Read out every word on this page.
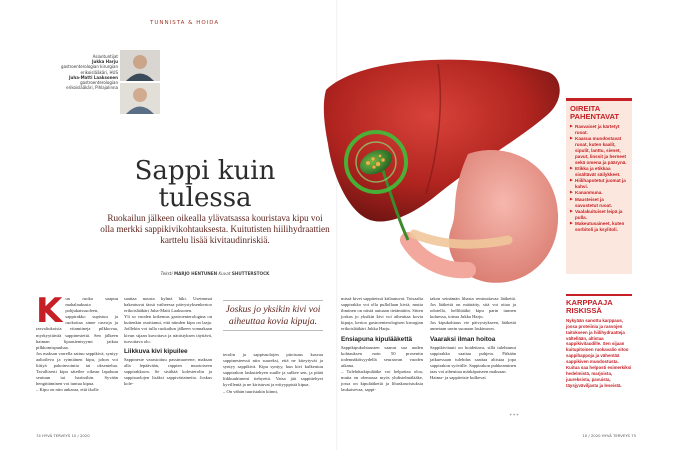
TUNNISTA & HOIDA
Asiantuntijat
Jukka Harju
gastroenterologian kirurgian erikoislääkäri, HUS
Juha-Matti Laaksonen
gastroenterologian erikoislääkäri, Pihlajalinna
Sappi kuin tulessa
Ruokailun jälkeen oikealla ylävatsassa kouristava kipu voi olla merkki sappikivikohtauksesta. Kuitutisten hiilihydraattien karttelu lisää kivitaudinriskiä.
Teksti MARJO HENTUNEN Kuvat SHUTTERSTOCK
K un ruoka saapuu mahalaukusta pohjukaissuoleen, sappirakko supistuu ja ruokottaa sinne rasvoja ja rasvaliukoisia vitamiineja pilkkovaa, myrkyyttävää sappinestettä. Sen jälkeen haiman lipaasientsyymi jatkaa pilkkomispuuhaa.

Jos maksan varrella sattuu sappikivä, syntyy aaltoileva ja rytmiänen kipu, johon voi liittyä pahoinvointia tai oksentelua. Tavallisesti kipu säteilee oikean lapaluun seutuun tai hartioihin. Syvään hengittäminen voi tuntua kipua.

– Kipu on niin ankaraa, että tkolle

saattaa nousta kylmä hiki. Useimmat hakeutuvat tässä vaiheessa päivystyksenkertoo erikoislääkäri Juha-Matti Laaksonen.

Yli so vuoden kokemus gastroenterologina on kuitenkin osoittanut, että niinden kipu on laaja. Joillekin voi tulla ruokailun jälkeen vonnakaan kivun sijaan kuvottava ja närästyksen täyttävä, turvottava olo.

Liikkuva kivi kipuilee

Sappineste varastoituu passimaavene, maksan alla lepäävään, rappien muotoiseen sappirakkoon. Se sisältää kolesterolin ja sappisuolojen lisäksi sappiväriainetta. Joskus kole-

Joskus jo yksikin kivi voi aiheuttaa kovia kipuja.

terolin ja sappisuolojen pitoisuus kasvaa sappinesteessä niin suureksi, että ne kiteytyvät ja syntyy sappikivä. Kipu syntyy, kun kivi kulkeutuu sappirakon laskutiehyen suulle ja sulkee sen, ja pitää liikkuuhirneni tiehyettä. Vatsa jää sappitiehyet kyvillentä ja ne kiristuvat ja erityyppistä kipua.

– On vähän tuuristakin kiinni,

missä kivet sappiteissä kiilautuvat. Toisaalta sappirakko voi olla pullollaan kiviä, mutta ihminen on niistä autuaan tietämätön. Sitten joskus jo yksikin kivi voi aiheuttaa kovia kipuja, kertoo gastroenterologisen kirurgian erikoislääkäri Jukka Harju.

Ensiapuna kipulääkettä

Sappikipukohtausten saanut saa uuden kohtauksen noin 50 prosentin todennäköisyydellä seuraavan vuoden aikana.

– Tulehduskipulääke voi helpottaa oloa, mutta on olemassa myös yhdistelmälääke, jossa on kipulääkettä ja lihaskouristuksia laukaisevaa, sappi-

takon seinämän lihasta rentouttavaa lääkettä. Jos lääkettä on määrätty, sitä voi ottaa ja odotella, helliltääkö kipu parin tunnen kuluessa, toteaa Jukka Harju.

Jos kipukohtaus vie päivystykseen, lääkettä annetaan usein suonaan laskimoon.

Vaaraksi ilman hoitoa

Sappikivitauti on hoidettava, sillä tulehtunut sappirakko saattaa puhjeta. Pitkään jatkuessaan tulehdus saattaa altistaa jopa sappirakon syövälle. Sappirakon puhkeaminen taas voi aiheuttaa märkäpaiseen maksaan.

Haima- ja sappiteiste kulkevat

✦✦✦
OIREITA PAHENTAVAT
▶ Rasvaiset ja kärtetyt ruoat.
▶ Kaasua muodostavat ruoat, kuten kaalit, sipulit, lanttu, sienet, pavut, linssit ja herneet sekä omena ja päärynä.
▶ Etikka ja etikkaa sisältävät säilykkeet.
▶ Hiilihapotetut juomat ja kahvi.
▶ Kananmuna.
▶ Mausteiset ja savustetut ruoat.
▶ Vaalakuituiset leipä ja pulla.
▶ Makeutusaineet, kuten sorbitoli ja ksylitoli.
KARPPAAJA RISKISSÄ

Nykyään sanottu karppaus, jossa proteiinia ja rasvojen taitokseen ja hiilihydraatteja vältellään, altistaa sappikivitaudille. Sen sijaan kuitupitoinen ruokavalio sitoo sappihappoja ja vähentää sappikiven muodostusta. Kuitua saa helposti esimerkiksi hedelmistä, marjoista, juureksista, pavuista, täysjyväviljasta ja leseistä.

74 HYVÄ TERVEYS 10 / 2020	10 / 2020 HYVÄ TERVEYS 75
